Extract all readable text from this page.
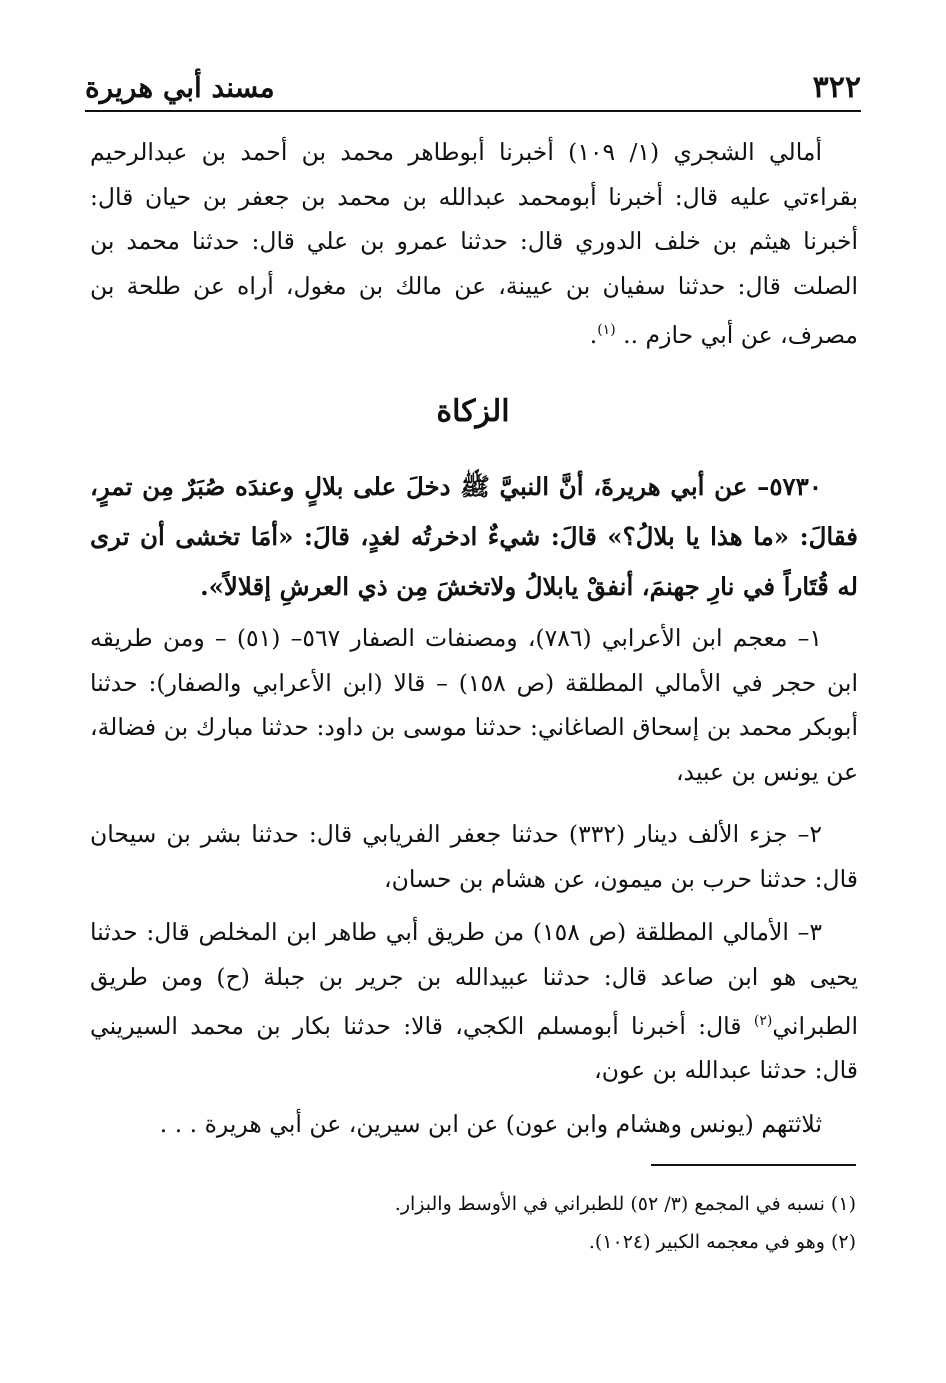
٣٢٢
مسند أبي هريرة

أمالي الشجري (١/ ١٠٩) أخبرنا أبوطاهر محمد بن أحمد بن عبدالرحيم بقراءتي عليه قال: أخبرنا أبومحمد عبدالله بن محمد بن جعفر بن حيان قال: أخبرنا هيثم بن خلف الدوري قال: حدثنا عمرو بن علي قال: حدثنا محمد بن الصلت قال: حدثنا سفيان بن عيينة، عن مالك بن مغول، أراه عن طلحة بن مصرف، عن أبي حازم .. $^{(١)}$.

الزكاة

٥٧٣٠– عن أبي هريرةَ، أنَّ النبيَّ ﷺ دخلَ على بلالٍ وعندَه صُبَرٌ مِن تمرٍ، فقالَ: «ما هذا يا بلالُ؟» قالَ: شيءٌ ادخرتُه لغدٍ، قالَ: «أمَا تخشى أن ترى له قُتَاراً في نارِ جهنمَ، أنفقْ يابلالُ ولاتخشَ مِن ذي العرشِ إقلالاً».

١– معجم ابن الأعرابي (٧٨٦)، ومصنفات الصفار ٥٦٧– (٥١) – ومن طريقه ابن حجر في الأمالي المطلقة (ص ١٥٨) – قالا (ابن الأعرابي والصفار): حدثنا أبوبكر محمد بن إسحاق الصاغاني: حدثنا موسى بن داود: حدثنا مبارك بن فضالة، عن يونس بن عبيد،

٢– جزء الألف دينار (٣٣٢) حدثنا جعفر الفريابي قال: حدثنا بشر بن سيحان قال: حدثنا حرب بن ميمون، عن هشام بن حسان،

٣– الأمالي المطلقة (ص ١٥٨) من طريق أبي طاهر ابن المخلص قال: حدثنا يحيى هو ابن صاعد قال: حدثنا عبيدالله بن جرير بن جبلة (ح) ومن طريق الطبراني$^{(٢)}$ قال: أخبرنا أبومسلم الكجي، قالا: حدثنا بكار بن محمد السيريني قال: حدثنا عبدالله بن عون،

ثلاثتهم (يونس وهشام وابن عون) عن ابن سيرين، عن أبي هريرة . . .

(١) نسبه في المجمع (٣/ ٥٢) للطبراني في الأوسط والبزار.

(٢) وهو في معجمه الكبير (١٠٢٤).
